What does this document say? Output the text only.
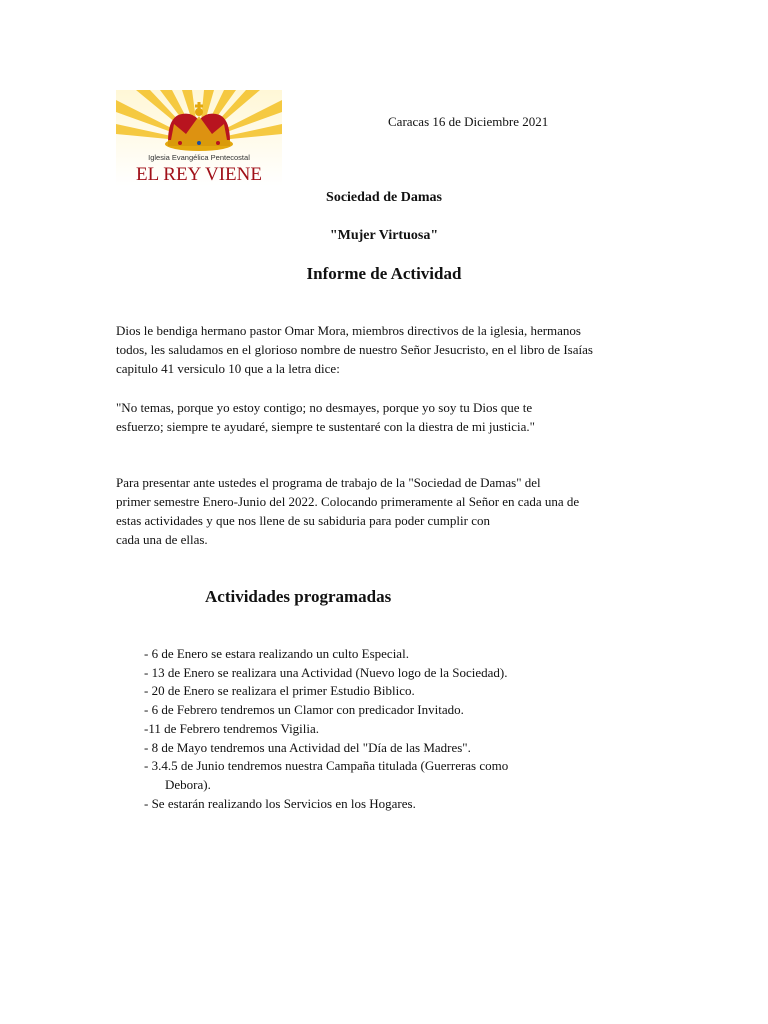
Iglesia Evangélica Pentecostal
EL REY VIENE
Caracas 16 de Diciembre 2021
Sociedad de Damas
"Mujer Virtuosa"
Informe de Actividad
Dios le bendiga hermano pastor Omar Mora, miembros directivos de la iglesia, hermanos
todos, les saludamos en el glorioso nombre de nuestro Señor Jesucristo, en el libro de Isaías
capitulo 41 versiculo 10 que a la letra dice:
"No temas, porque yo estoy contigo; no desmayes, porque yo soy tu Dios que te
esfuerzo; siempre te ayudaré, siempre te sustentaré con la diestra de mi justicia."
Para presentar ante ustedes el programa de trabajo de la "Sociedad de Damas" del
primer semestre Enero-Junio del 2022. Colocando primeramente al Señor en cada una de
estas actividades y que nos llene de su sabiduria para poder cumplir con
cada una de ellas.
Actividades programadas
- 6 de Enero se estara realizando un culto Especial.
- 13 de Enero se realizara una Actividad (Nuevo logo de la Sociedad).
- 20 de Enero se realizara el primer Estudio Biblico.
- 6 de Febrero tendremos un Clamor con predicador Invitado.
-11 de Febrero tendremos Vigilia.
- 8 de Mayo tendremos una Actividad del "Día de las Madres".
- 3.4.5 de Junio tendremos nuestra Campaña titulada (Guerreras como
Debora).
- Se estarán realizando los Servicios en los Hogares.
